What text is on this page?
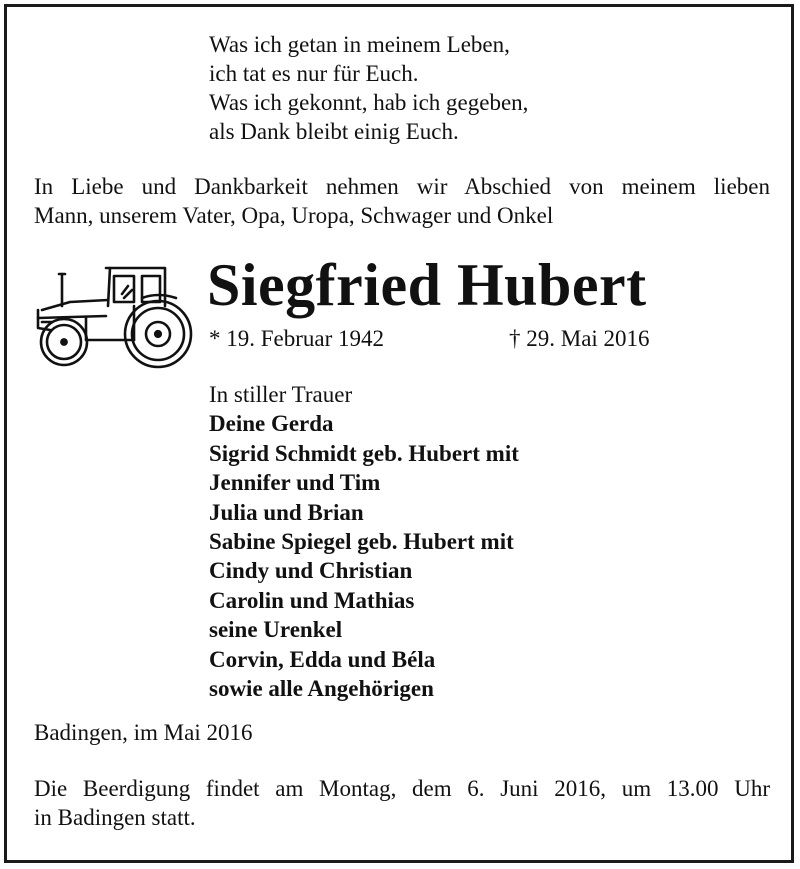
Was ich getan in meinem Leben,
ich tat es nur für Euch.
Was ich gekonnt, hab ich gegeben,
als Dank bleibt einig Euch.
In Liebe und Dankbarkeit nehmen wir Abschied von meinem lieben
Mann, unserem Vater, Opa, Uropa, Schwager und Onkel
Siegfried Hubert
* 19. Februar 1942	† 29. Mai 2016
In stiller Trauer
Deine Gerda
Sigrid Schmidt geb. Hubert mit
Jennifer und Tim
Julia und Brian
Sabine Spiegel geb. Hubert mit
Cindy und Christian
Carolin und Mathias
seine Urenkel
Corvin, Edda und Béla
sowie alle Angehörigen
Badingen, im Mai 2016
Die Beerdigung findet am Montag, dem 6. Juni 2016, um 13.00 Uhr
in Badingen statt.
